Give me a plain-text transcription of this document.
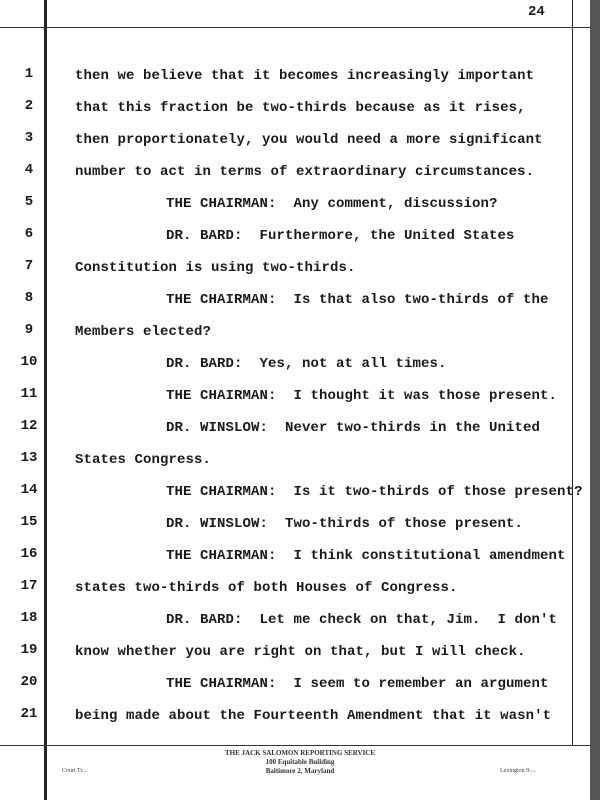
24
1	then we believe that it becomes increasingly important
2	that this fraction be two-thirds because as it rises,
3	then proportionately, you would need a more significant
4	number to act in terms of extraordinary circumstances.
5	THE CHAIRMAN:  Any comment, discussion?
6	DR. BARD:  Furthermore, the United States
7	Constitution is using two-thirds.
8	THE CHAIRMAN:  Is that also two-thirds of the
9	Members elected?
10	DR. BARD:  Yes, not at all times.
11	THE CHAIRMAN:  I thought it was those present.
12	DR. WINSLOW:  Never two-thirds in the United
13	States Congress.
14	THE CHAIRMAN:  Is it two-thirds of those present?
15	DR. WINSLOW:  Two-thirds of those present.
16	THE CHAIRMAN:  I think constitutional amendment
17	states two-thirds of both Houses of Congress.
18	DR. BARD:  Let me check on that, Jim.  I don't
19	know whether you are right on that, but I will check.
20	THE CHAIRMAN:  I seem to remember an argument
21	being made about the Fourteenth Amendment that it wasn't
THE JACK SALOMON REPORTING SERVICE
100 Equitable Building
Baltimore 2, Maryland
Court Tr...	Lexington 9-...
